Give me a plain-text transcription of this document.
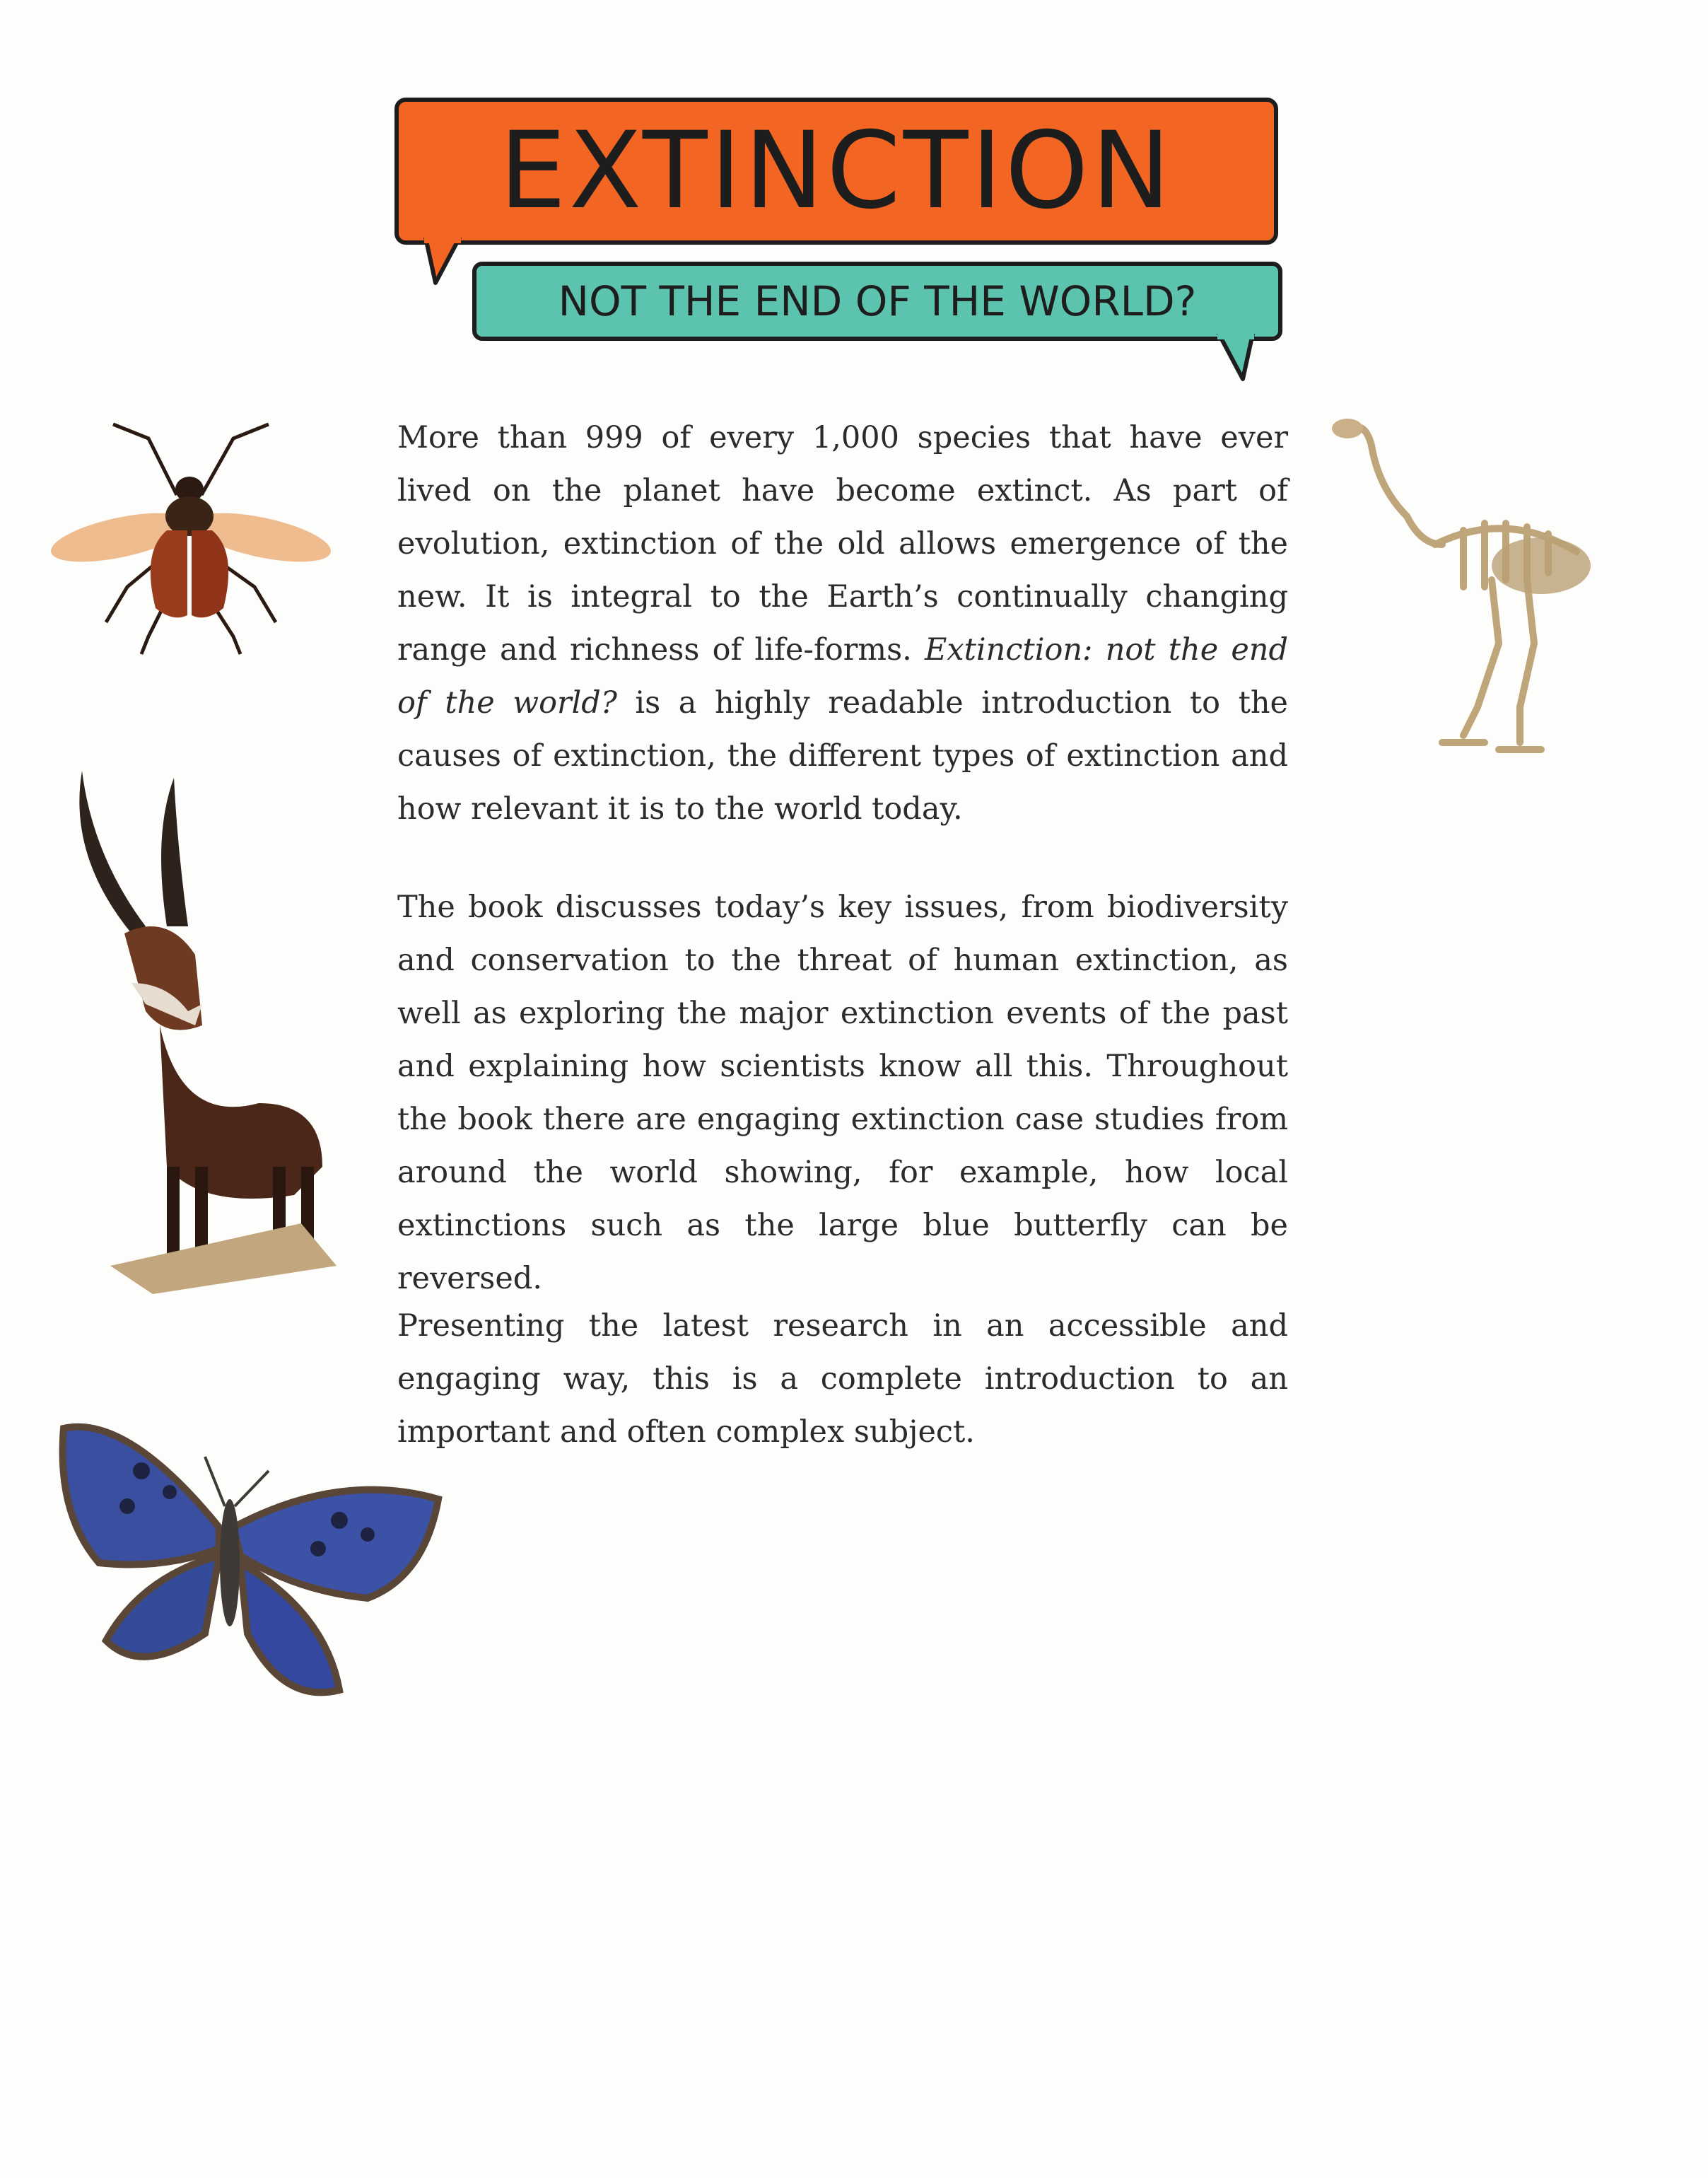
EXTINCTION
NOT THE END OF THE WORLD?
More than 999 of every 1,000 species that have ever lived on the planet have become extinct. As part of evolution, extinction of the old allows emergence of the new. It is integral to the Earth’s continually changing range and richness of life-forms. Extinction: not the end of the world? is a highly readable introduction to the causes of extinction, the different types of extinction and how relevant it is to the world today.
The book discusses today’s key issues, from biodiversity and conservation to the threat of human extinction, as well as exploring the major extinction events of the past and explaining how scientists know all this. Throughout the book there are engaging extinction case studies from around the world showing, for example, how local extinctions such as the large blue butterfly can be reversed.
Presenting the latest research in an accessible and engaging way, this is a complete introduction to an important and often complex subject.
